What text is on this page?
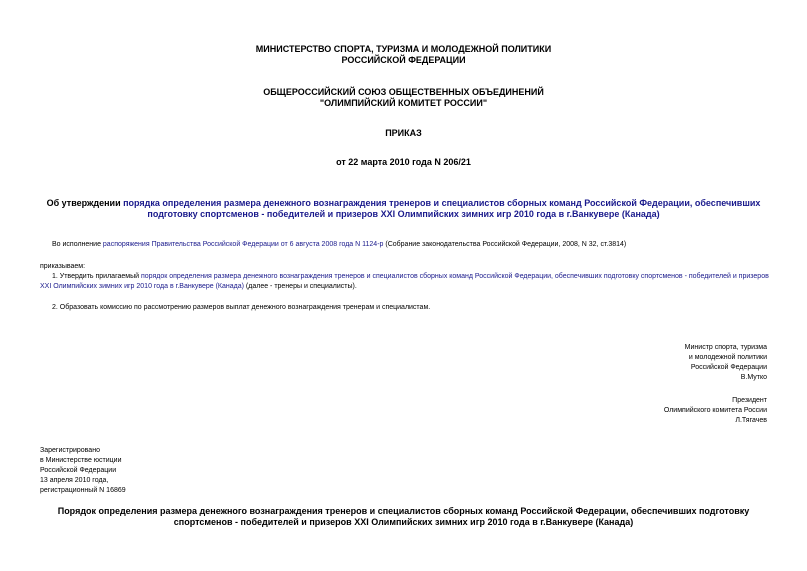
МИНИСТЕРСТВО СПОРТА, ТУРИЗМА И МОЛОДЕЖНОЙ ПОЛИТИКИ
РОССИЙСКОЙ ФЕДЕРАЦИИ
ОБЩЕРОССИЙСКИЙ СОЮЗ ОБЩЕСТВЕННЫХ ОБЪЕДИНЕНИЙ
"ОЛИМПИЙСКИЙ КОМИТЕТ РОССИИ"
ПРИКАЗ
от 22 марта 2010 года N 206/21
Об утверждении порядка определения размера денежного вознаграждения тренеров и специалистов сборных команд Российской Федерации, обеспечивших подготовку спортсменов - победителей и призеров XXI Олимпийских зимних игр 2010 года в г.Ванкувере (Канада)
Во исполнение распоряжения Правительства Российской Федерации от 6 августа 2008 года N 1124-р (Собрание законодательства Российской Федерации, 2008, N 32, ст.3814)
приказываем:
1. Утвердить прилагаемый порядок определения размера денежного вознаграждения тренеров и специалистов сборных команд Российской Федерации, обеспечивших подготовку спортсменов - победителей и призеров XXI Олимпийских зимних игр 2010 года в г.Ванкувере (Канада) (далее - тренеры и специалисты).
2. Образовать комиссию по рассмотрению размеров выплат денежного вознаграждения тренерам и специалистам.
Министр спорта, туризма
и молодежной политики
Российской Федерации
В.Мутко
Президент
Олимпийского комитета России
Л.Тягачев
Зарегистрировано
в Министерстве юстиции
Российской Федерации
13 апреля 2010 года,
регистрационный N 16869
Порядок определения размера денежного вознаграждения тренеров и специалистов сборных команд Российской Федерации, обеспечивших подготовку спортсменов - победителей и призеров XXI Олимпийских зимних игр 2010 года в г.Ванкувере (Канада)
